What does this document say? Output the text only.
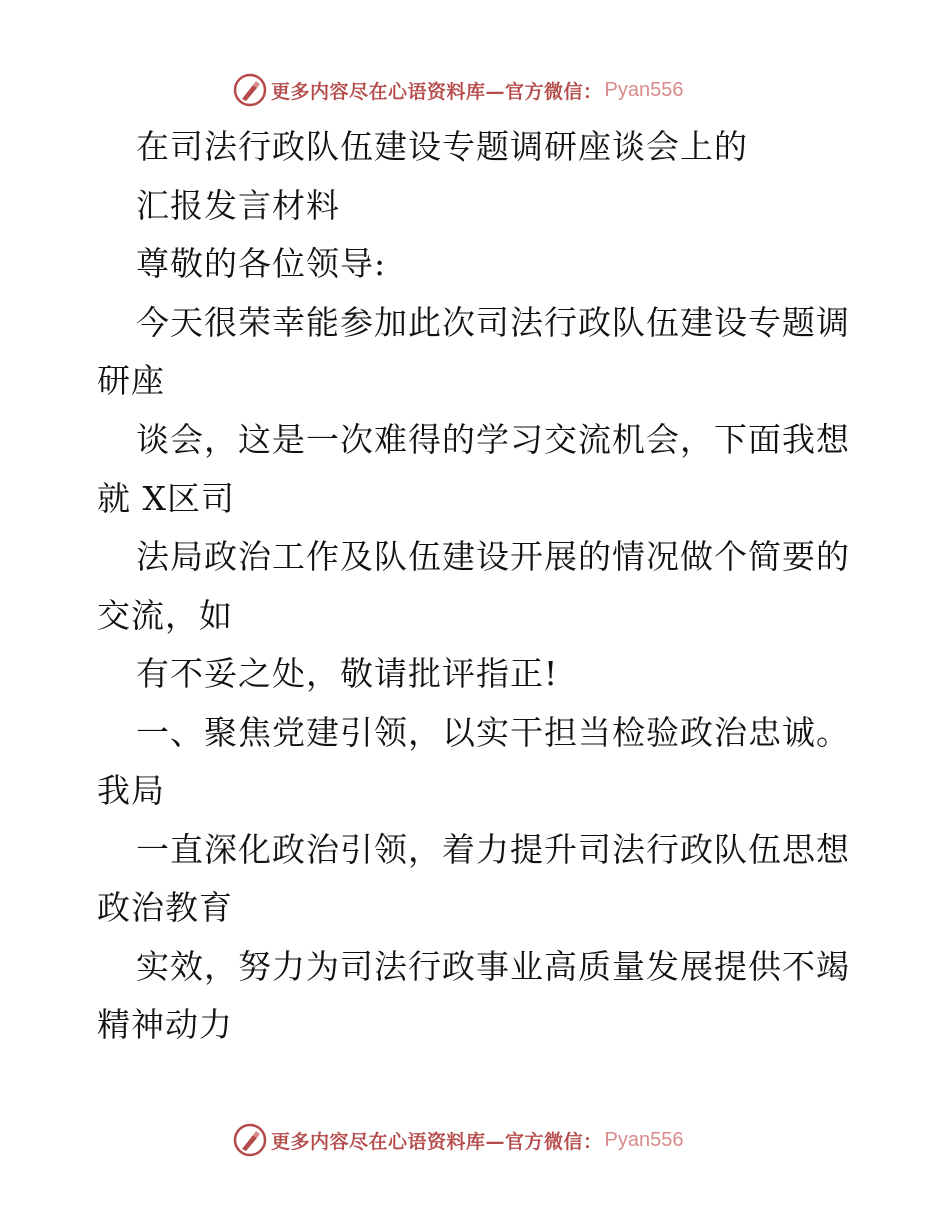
更多内容尽在心语资料库—官方微信： Pyan556
在司法行政队伍建设专题调研座谈会上的
汇报发言材料
尊敬的各位领导:
今天很荣幸能参加此次司法行政队伍建设专题调
研座
谈会，这是一次难得的学习交流机会，下面我想
就 X区司
法局政治工作及队伍建设开展的情况做个简要的
交流，如
有不妥之处，敬请批评指正!
一、聚焦党建引领，以实干担当检验政治忠诚。
我局
一直深化政治引领，着力提升司法行政队伍思想
政治教育
实效，努力为司法行政事业高质量发展提供不竭
精神动力
更多内容尽在心语资料库—官方微信： Pyan556
